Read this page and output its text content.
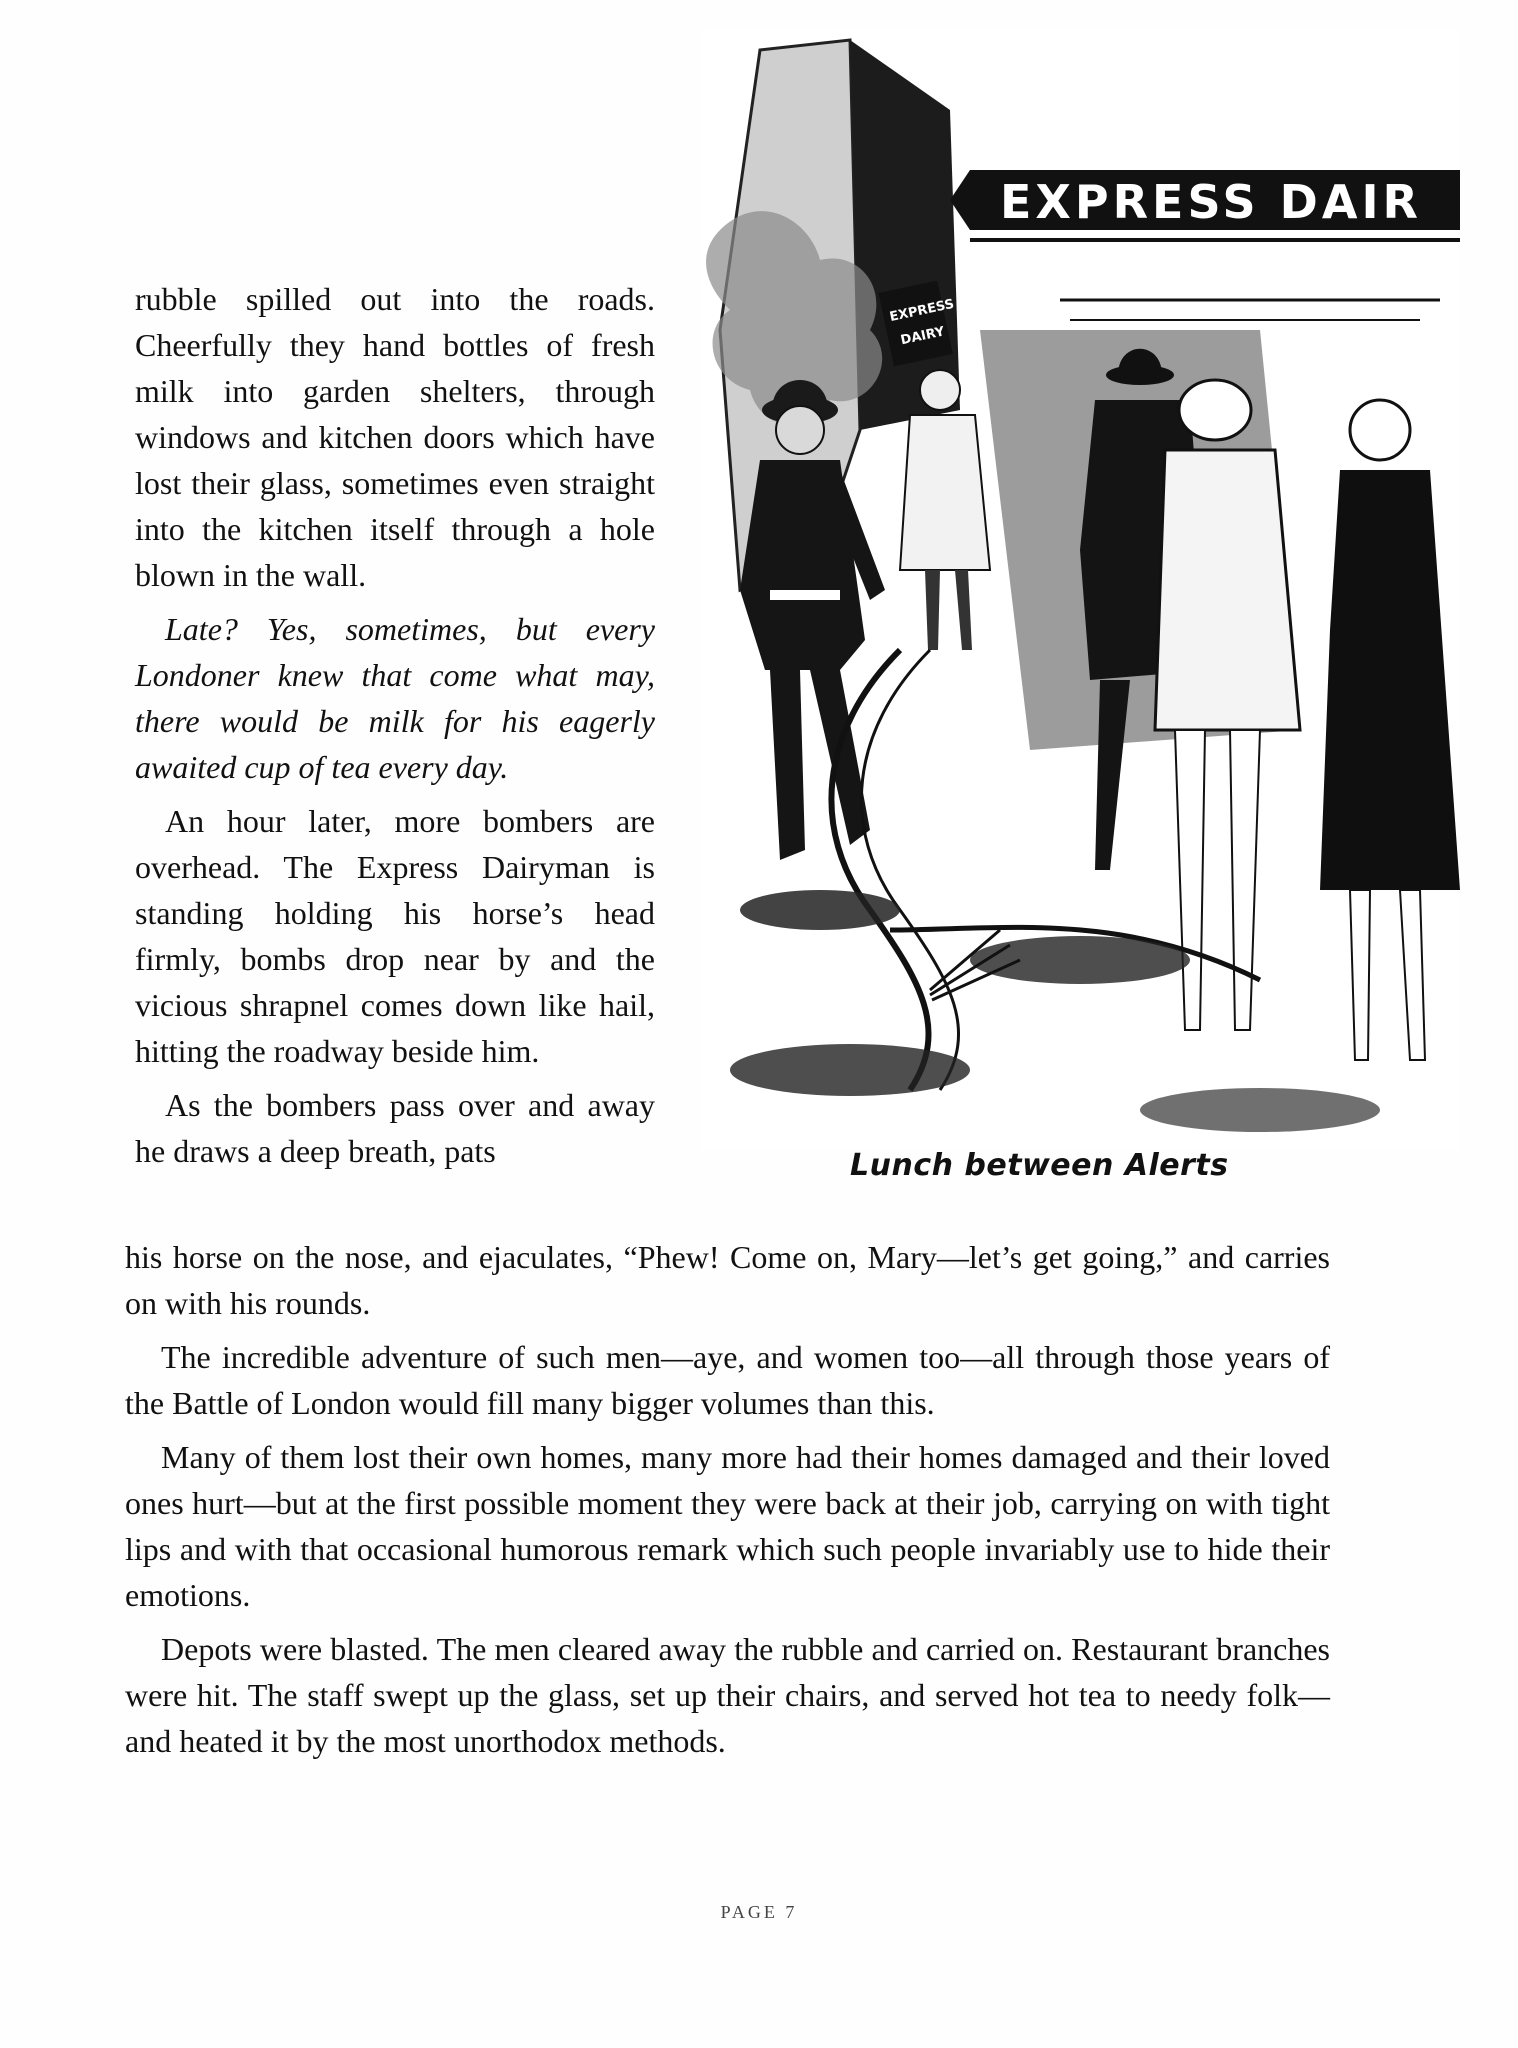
EXPRESS DAIR
EXPRESS
DAIRY
Lunch between Alerts

rubble spilled out into the roads. Cheerfully they hand bottles of fresh milk into garden shelters, through windows and kitchen doors which have lost their glass, sometimes even straight into the kitchen itself through a hole blown in the wall.

Late? Yes, sometimes, but every Londoner knew that come what may, there would be milk for his eagerly awaited cup of tea every day.

An hour later, more bombers are overhead. The Express Dairyman is standing holding his horse’s head firmly, bombs drop near by and the vicious shrapnel comes down like hail, hitting the roadway beside him.

As the bombers pass over and away he draws a deep breath, pats

his horse on the nose, and ejaculates, “Phew! Come on, Mary—let’s get going,” and carries on with his rounds.

The incredible adventure of such men—aye, and women too—all through those years of the Battle of London would fill many bigger volumes than this.

Many of them lost their own homes, many more had their homes damaged and their loved ones hurt—but at the first possible moment they were back at their job, carrying on with tight lips and with that occasional humorous remark which such people invariably use to hide their emotions.

Depots were blasted. The men cleared away the rubble and carried on. Restaurant branches were hit. The staff swept up the glass, set up their chairs, and served hot tea to needy folk—and heated it by the most unorthodox methods.

PAGE 7
